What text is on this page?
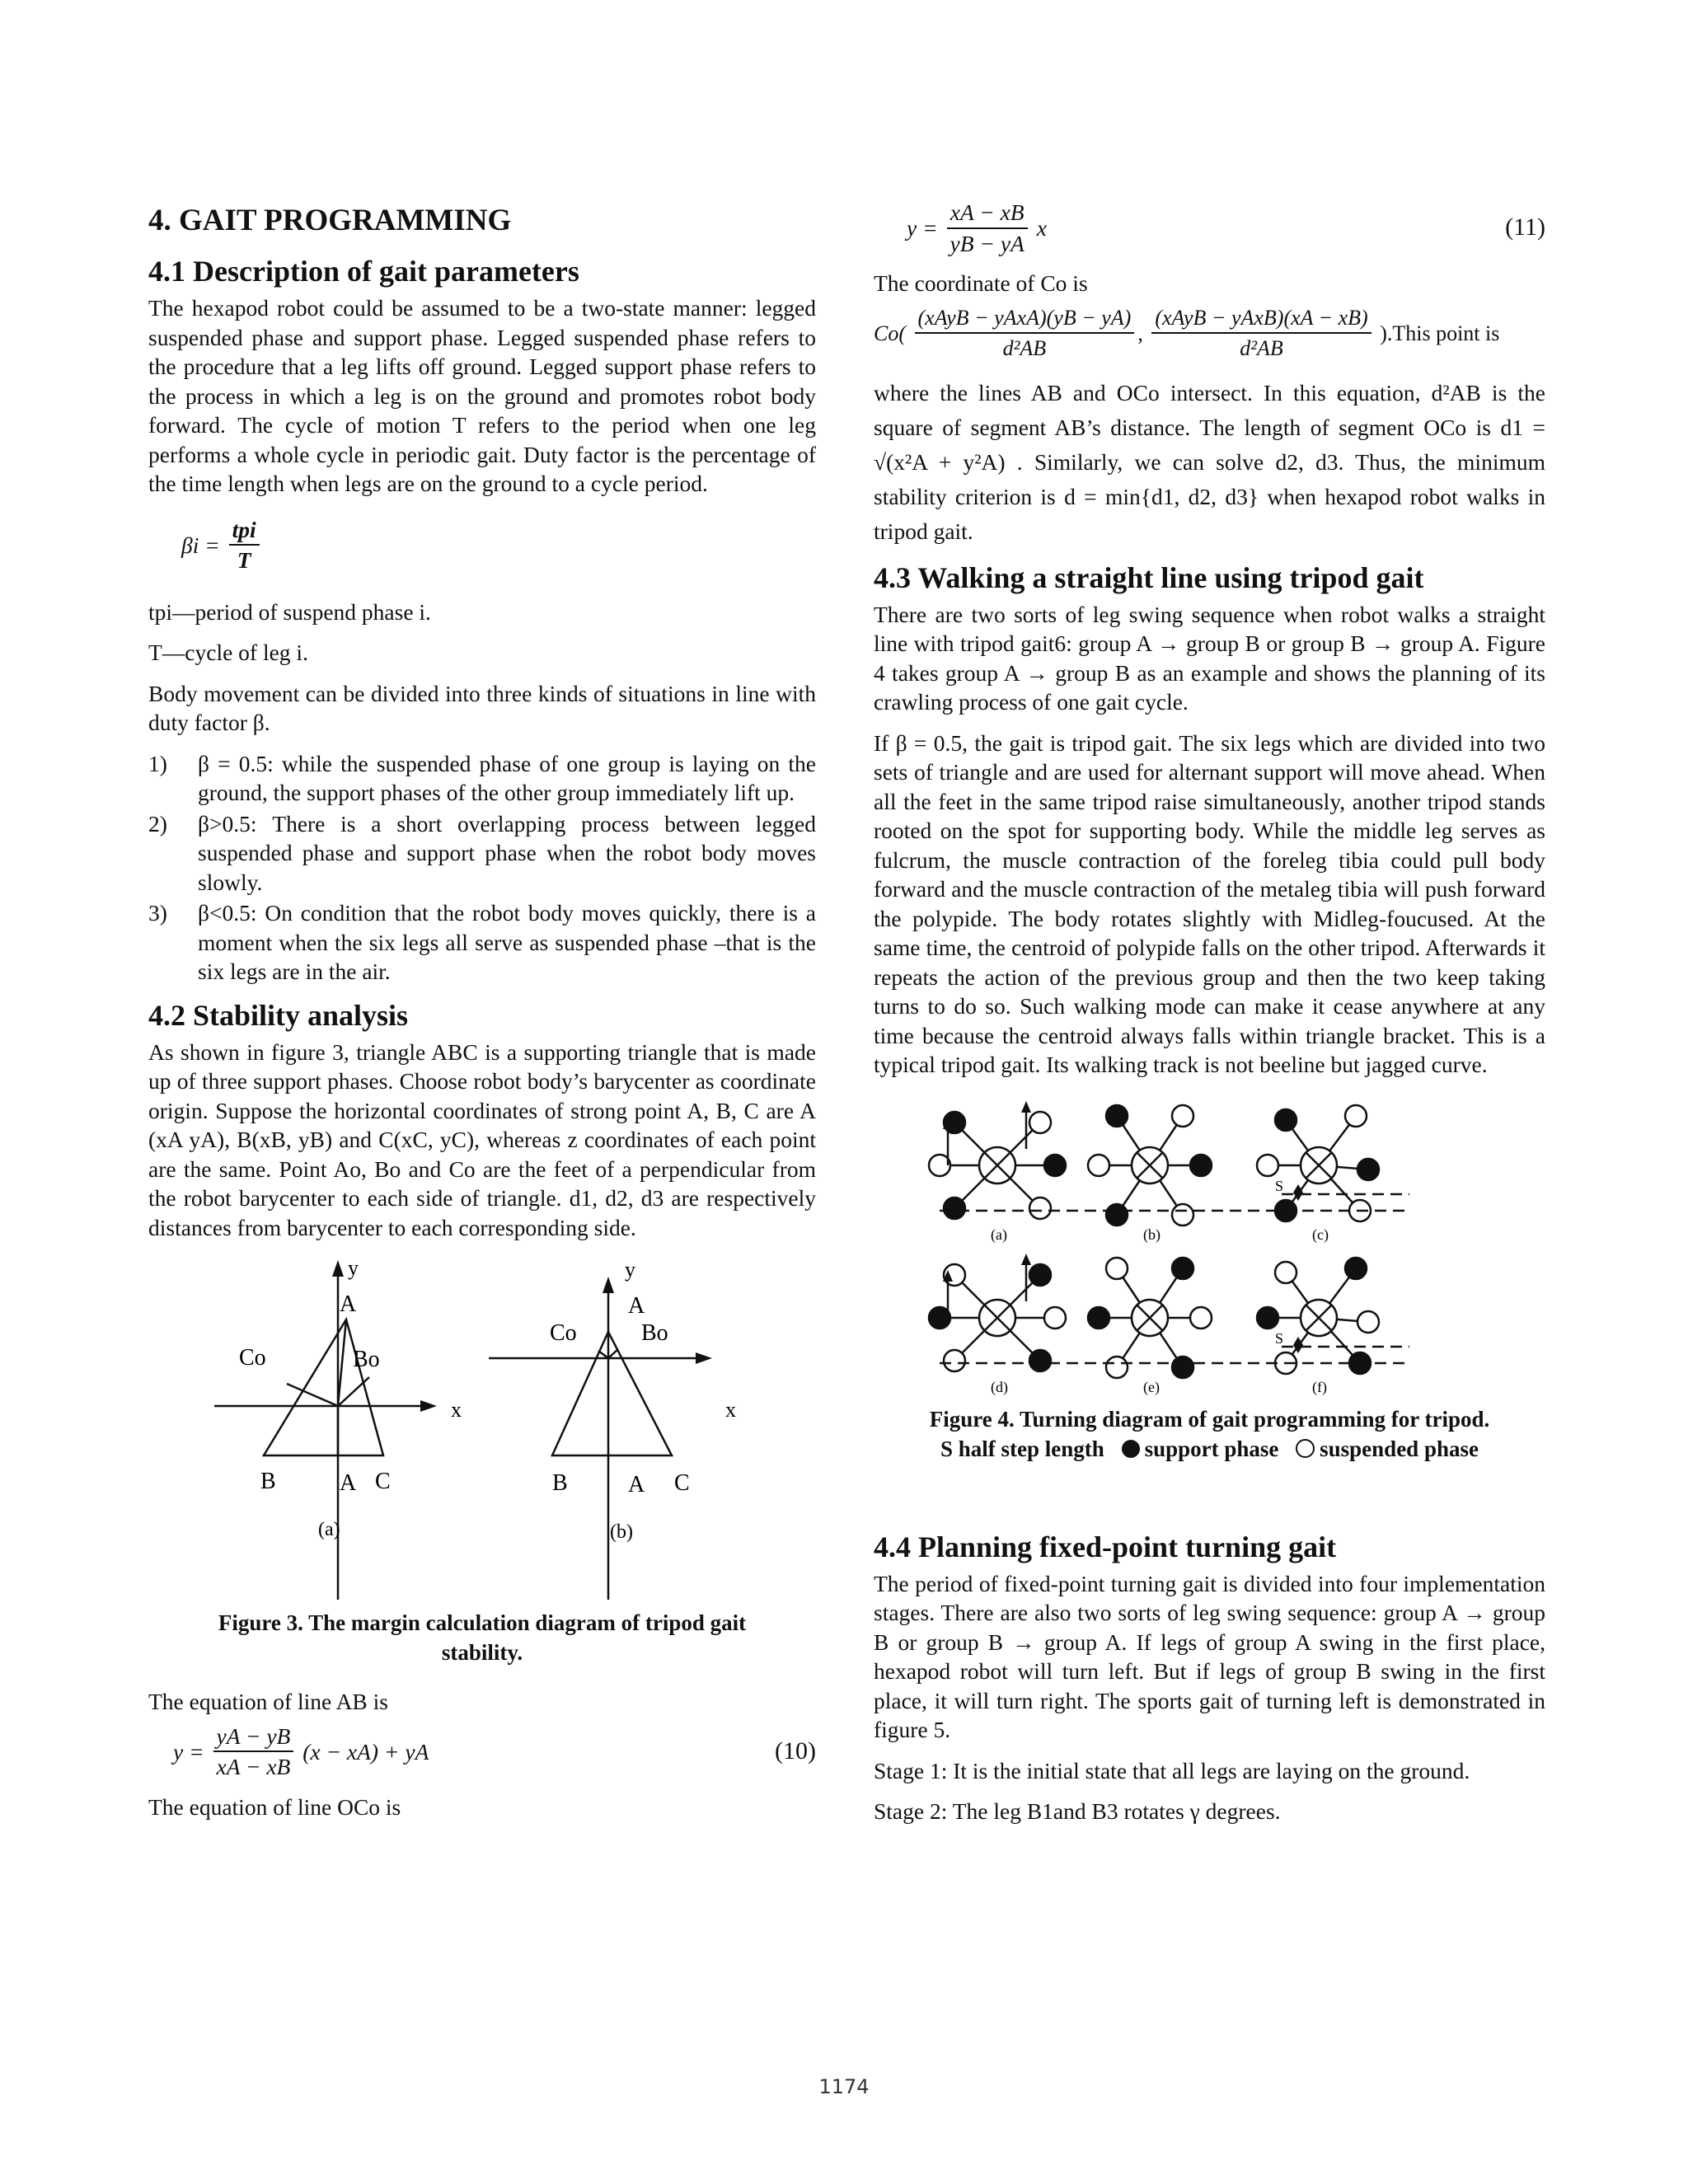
4. GAIT PROGRAMMING
4.1 Description of gait parameters

The hexapod robot could be assumed to be a two-state manner: legged suspended phase and support phase. Legged suspended phase refers to the procedure that a leg lifts off ground. Legged support phase refers to the process in which a leg is on the ground and promotes robot body forward. The cycle of motion T refers to the period when one leg performs a whole cycle in periodic gait. Duty factor is the percentage of the time length when legs are on the ground to a cycle period.

$\beta i = \frac{\text{tpi}}{T}$

tpi—period of suspend phase i.

T—cycle of leg i.

Body movement can be divided into three kinds of situations in line with duty factor β.

1) β = 0.5: while the suspended phase of one group is laying on the ground, the support phases of the other group immediately lift up.
2) β>0.5: There is a short overlapping process between legged suspended phase and support phase when the robot body moves slowly.
3) β<0.5: On condition that the robot body moves quickly, there is a moment when the six legs all serve as suspended phase –that is the six legs are in the air.
4.2 Stability analysis

As shown in figure 3, triangle ABC is a supporting triangle that is made up of three support phases. Choose robot body’s barycenter as coordinate origin. Suppose the horizontal coordinates of strong point A, B, C are A (xA yA), B(xB, yB) and C(xC, yC), whereas z coordinates of each point are the same. Point Ao, Bo and Co are the feet of a perpendicular from the robot barycenter to each side of triangle. d1, d2, d3 are respectively distances from barycenter to each corresponding side.

y
x
A
Co	Bo
B	A C
(a)
y
x
A
Co	Bo
B	A C
(b)
Figure 3. The margin calculation diagram of tripod gait stability.

The equation of line AB is

$y = \frac{yA - yB}{xA - xB} (x - xA)$ + yA	(10)

The equation of line OCo is

$y = \frac{xA - xB}{yB - yA}$ x	(11)

The coordinate of Co is

$Co( \frac{\text{(xAyB − yAxA)(yB − yA)}}{\text{d²AB}}$ , $\frac{\text{(xAyB − yAxB)(xA − xB)}}{\text{d²AB}}$ ).This point is

where the lines AB and OCo intersect. In this equation, d²AB is the square of segment AB’s distance. The length of segment OCo is d1 = √(x²A + y²A) . Similarly, we can solve d2, d3. Thus, the minimum stability criterion is d = min{d1, d2, d3} when hexapod robot walks in tripod gait.

4.3 Walking a straight line using tripod gait

There are two sorts of leg swing sequence when robot walks a straight line with tripod gait6: group A → group B or group B → group A. Figure 4 takes group A → group B as an example and shows the planning of its crawling process of one gait cycle.

If β = 0.5, the gait is tripod gait. The six legs which are divided into two sets of triangle and are used for alternant support will move ahead. When all the feet in the same tripod raise simultaneously, another tripod stands rooted on the spot for supporting body. While the middle leg serves as fulcrum, the muscle contraction of the foreleg tibia could pull body forward and the muscle contraction of the metaleg tibia will push forward the polypide. The body rotates slightly with Midleg-foucused. At the same time, the centroid of polypide falls on the other tripod. Afterwards it repeats the action of the previous group and then the two keep taking turns to do so. Such walking mode can make it cease anywhere at any time because the centroid always falls within triangle bracket. This is a typical tripod gait. Its walking track is not beeline but jagged curve.

(a)	(b)	(c)
(d)	(e)	(f)
S
S
Figure 4. Turning diagram of gait programming for tripod.
S half step length support phase suspended phase
4.4 Planning fixed-point turning gait

The period of fixed-point turning gait is divided into four implementation stages. There are also two sorts of leg swing sequence: group A → group B or group B → group A. If legs of group A swing in the first place, hexapod robot will turn left. But if legs of group B swing in the first place, it will turn right. The sports gait of turning left is demonstrated in figure 5.

Stage 1: It is the initial state that all legs are laying on the ground.

Stage 2: The leg B1and B3 rotates γ degrees.

1174
